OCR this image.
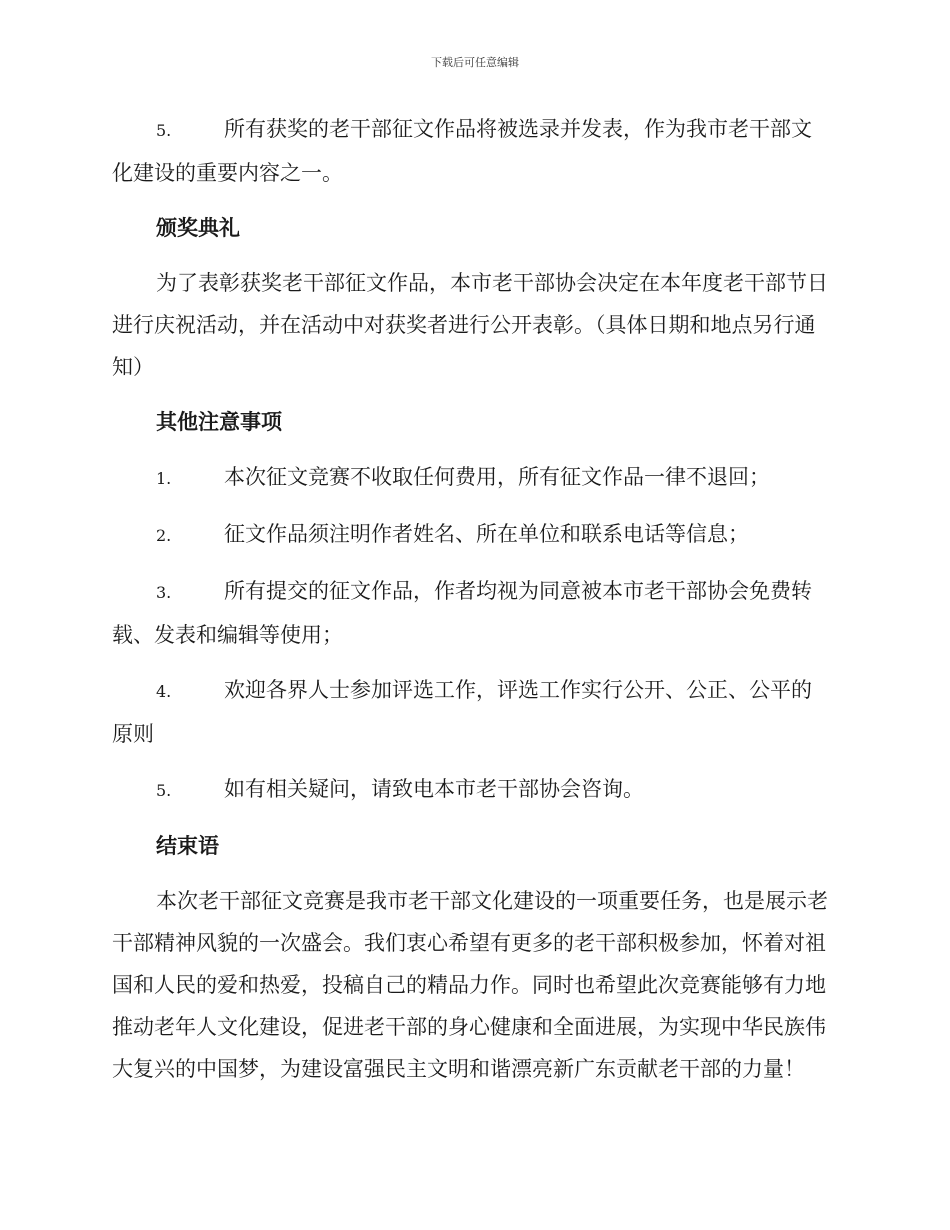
下载后可任意编辑

5.	所有获奖的老干部征文作品将被选录并发表，作为我市老干部文化建设的重要内容之一。

颁奖典礼

为了表彰获奖老干部征文作品，本市老干部协会决定在本年度老干部节日进行庆祝活动，并在活动中对获奖者进行公开表彰。（具体日期和地点另行通知）

其他注意事项

1.	本次征文竞赛不收取任何费用，所有征文作品一律不退回；

2.	征文作品须注明作者姓名、所在单位和联系电话等信息；

3.	所有提交的征文作品，作者均视为同意被本市老干部协会免费转载、发表和编辑等使用；

4.	欢迎各界人士参加评选工作，评选工作实行公开、公正、公平的原则

5.	如有相关疑问，请致电本市老干部协会咨询。

结束语

本次老干部征文竞赛是我市老干部文化建设的一项重要任务，也是展示老干部精神风貌的一次盛会。我们衷心希望有更多的老干部积极参加，怀着对祖国和人民的爱和热爱，投稿自己的精品力作。同时也希望此次竞赛能够有力地推动老年人文化建设，促进老干部的身心健康和全面进展，为实现中华民族伟大复兴的中国梦，为建设富强民主文明和谐漂亮新广东贡献老干部的力量！
